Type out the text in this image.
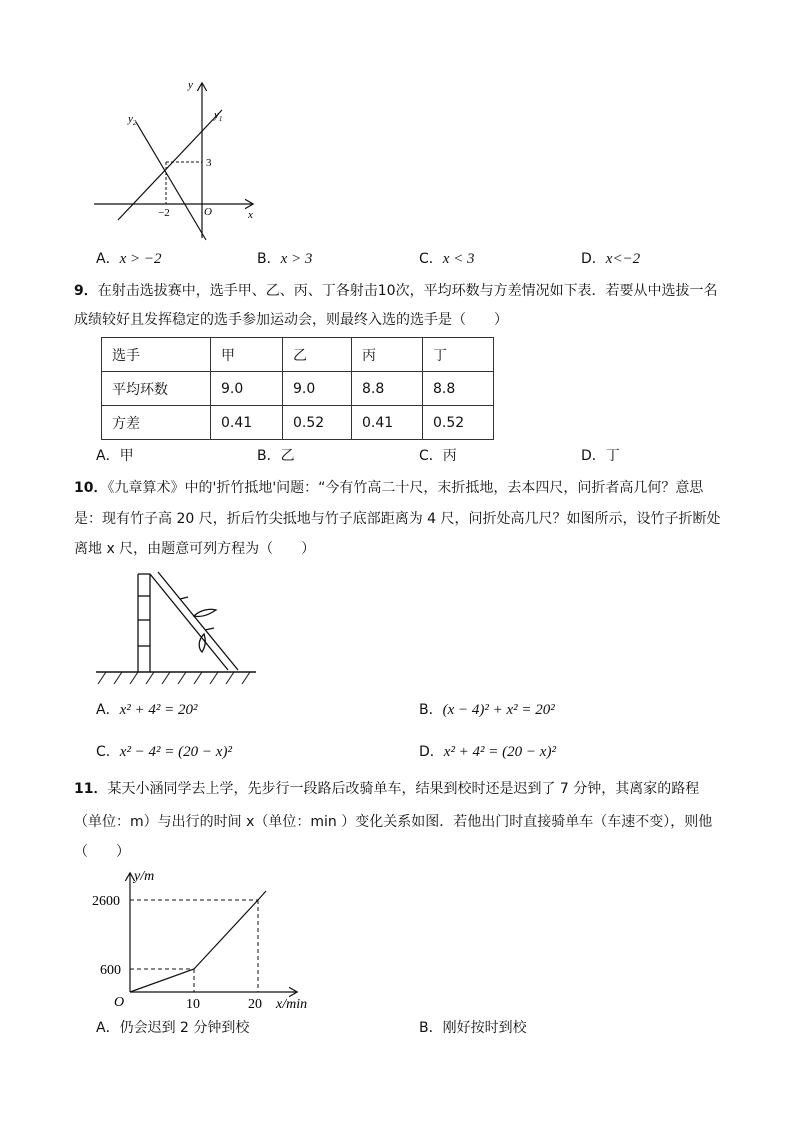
y
x
O
3
−2
$y_1$
$y_2$
A．x > −2	B．x > 3	C．x < 3	D．x<−2
9．在射击选拔赛中，选手甲、乙、丙、丁各射击10次，平均环数与方差情况如下表．若要从中选拔一名
成绩较好且发挥稳定的选手参加运动会，则最终入选的选手是（　　）
选手	甲	乙	丙	丁
平均环数	9.0	9.0	8.8	8.8
方差	0.41	0.52	0.41	0.52
A．甲	B．乙	C．丙	D．丁
10．《九章算术》中的'折竹抵地'问题：“今有竹高二十尺，末折抵地，去本四尺，问折者高几何？意思
是：现有竹子高 20 尺，折后竹尖抵地与竹子底部距离为 4 尺，问折处高几尺？如图所示，设竹子折断处
离地 x 尺，由题意可列方程为（　　）
A．x² + 4² = 20²	B．(x − 4)² + x² = 20²
C．x² − 4² = (20 − x)²	D．x² + 4² = (20 − x)²
11．某天小涵同学去上学，先步行一段路后改骑单车，结果到校时还是迟到了 7 分钟，其离家的路程
（单位：m）与出行的时间 x（单位：min ）变化关系如图．若他出门时直接骑单车（车速不变），则他
（　　）
y/m
2600
600
O	10	20 x/min
A．仍会迟到 2 分钟到校	B．刚好按时到校
